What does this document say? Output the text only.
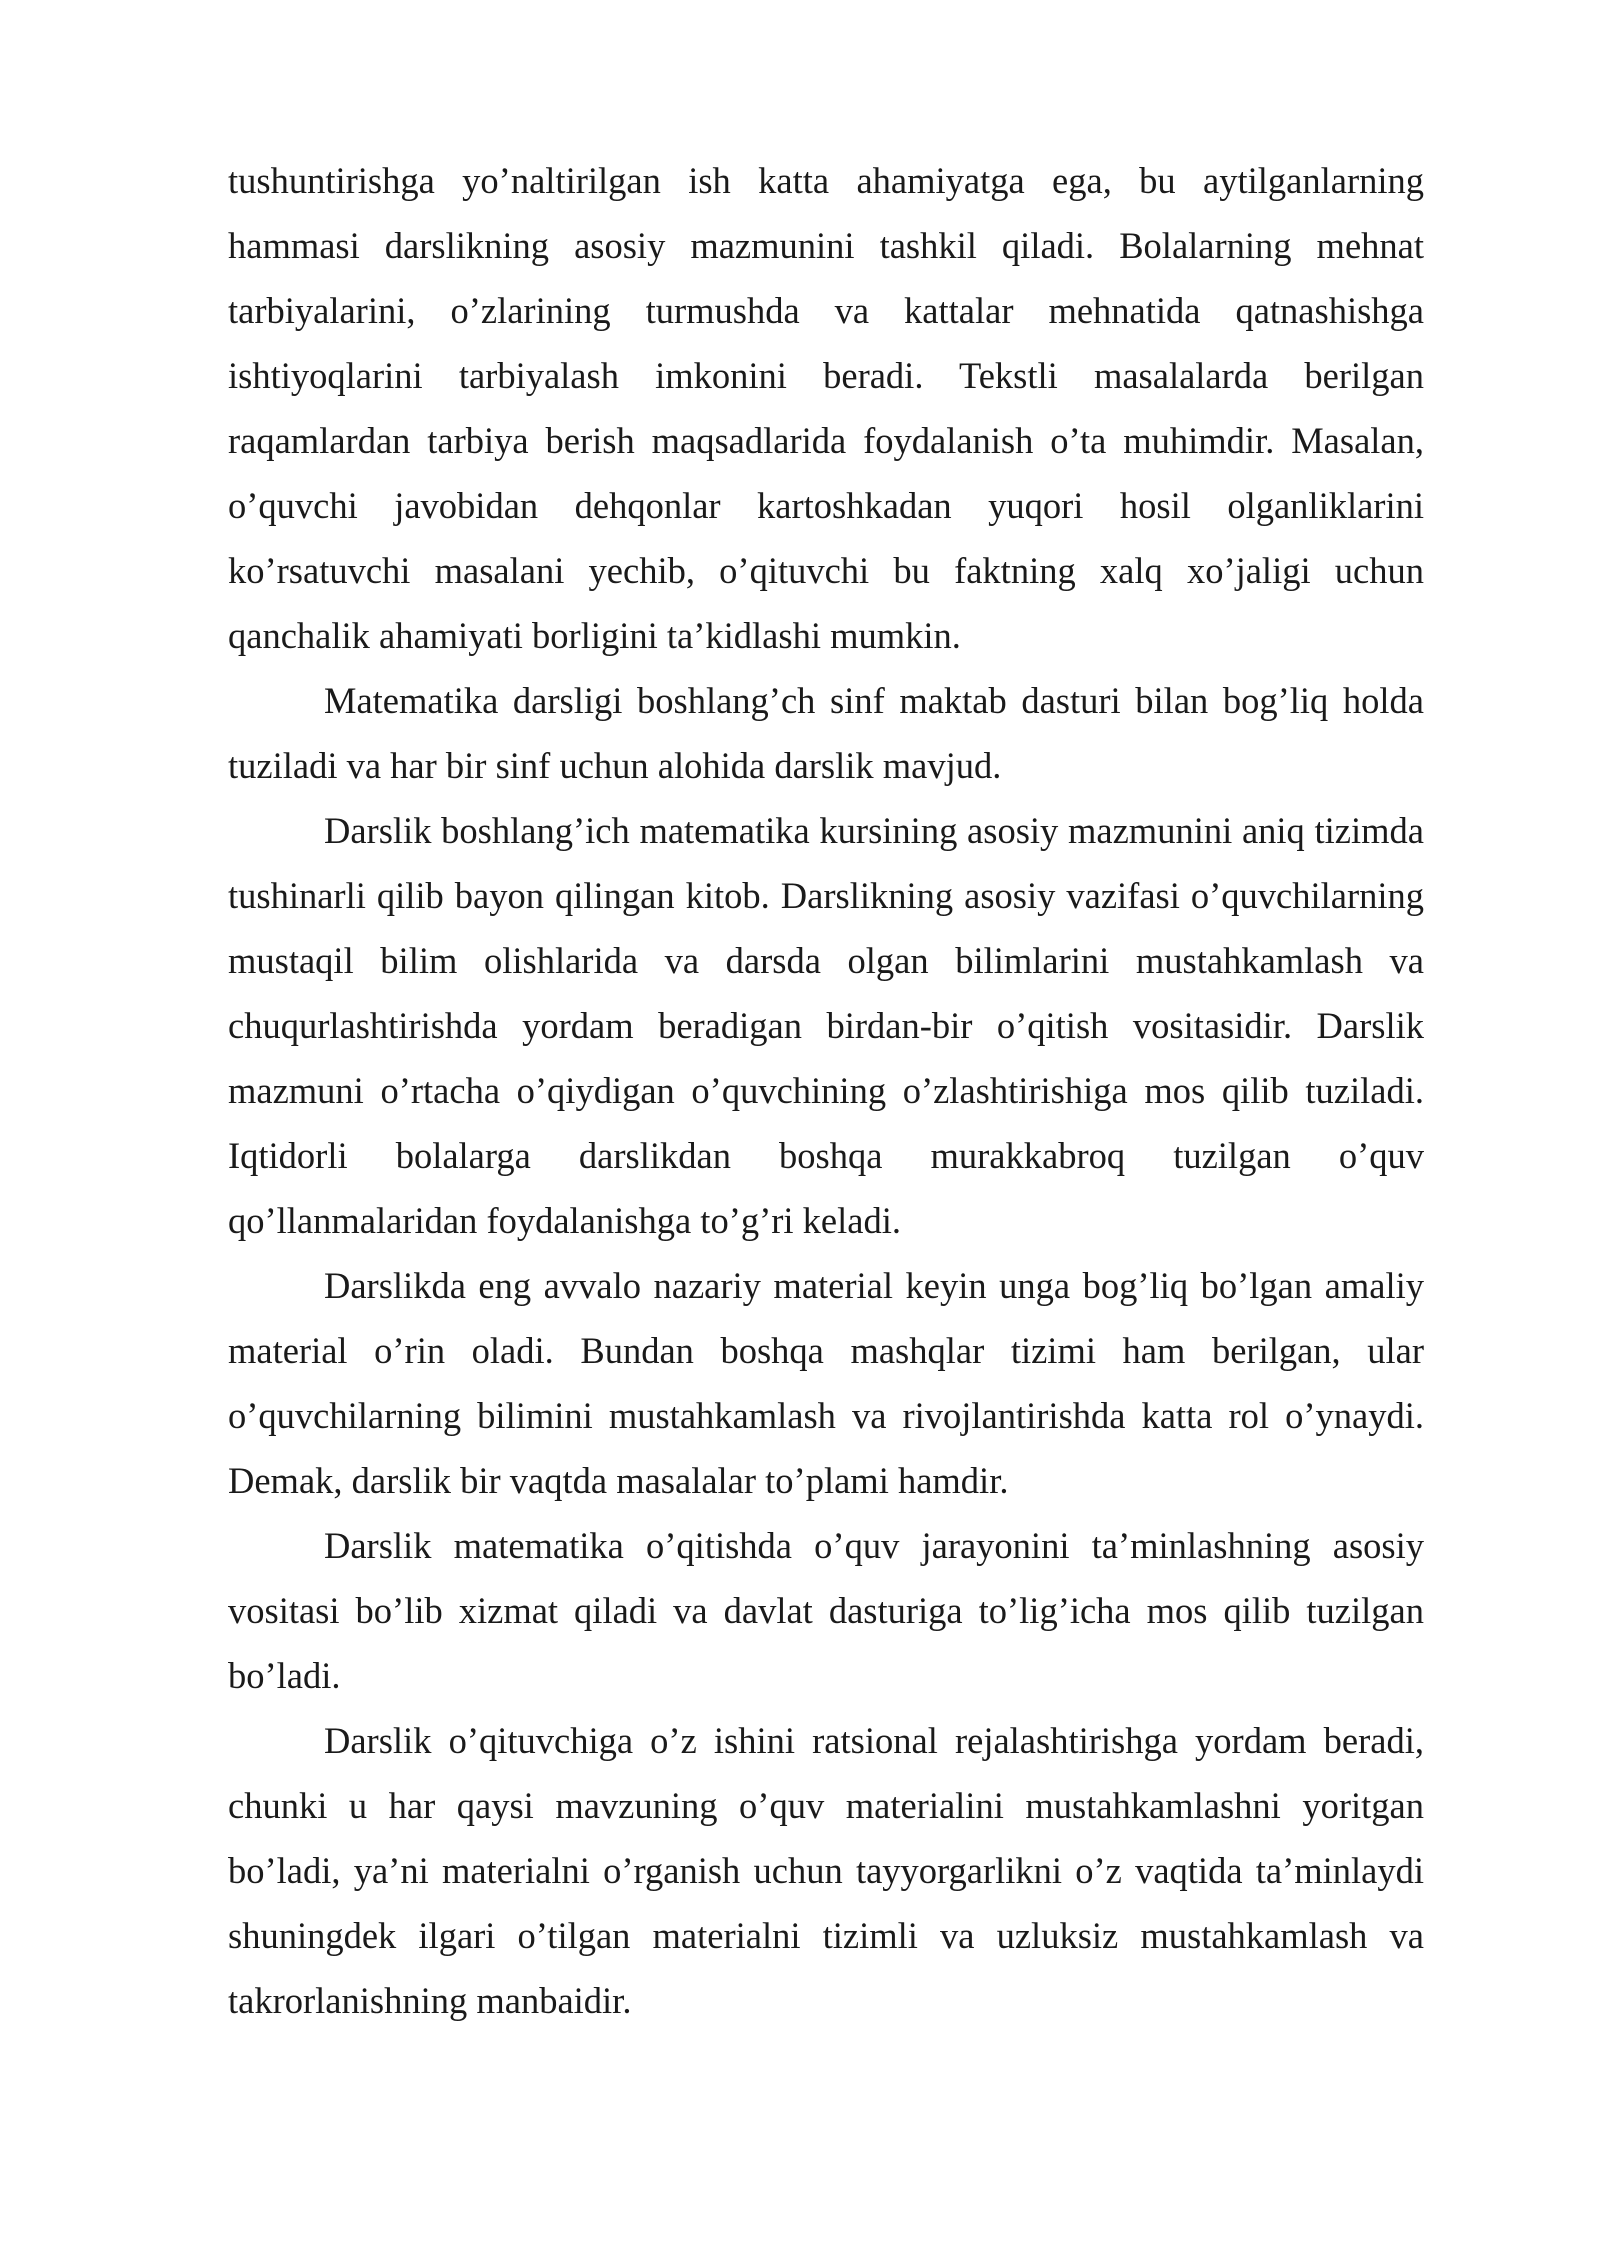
tushuntirishga yo’naltirilgan ish katta ahamiyatga ega, bu aytilganlarning hammasi darslikning asosiy mazmunini tashkil qiladi. Bolalarning mehnat tarbiyalarini, o’zlarining turmushda va kattalar mehnatida qatnashishga ishtiyoqlarini tarbiyalash imkonini beradi. Tekstli masalalarda berilgan raqamlardan tarbiya berish maqsadlarida foydalanish o’ta muhimdir. Masalan, o’quvchi javobidan dehqonlar kartoshkadan yuqori hosil olganliklarini ko’rsatuvchi masalani yechib, o’qituvchi bu faktning xalq xo’jaligi uchun qanchalik ahamiyati borligini ta’kidlashi mumkin.

Matematika darsligi boshlang’ch sinf maktab dasturi bilan bog’liq holda tuziladi va har bir sinf uchun alohida darslik mavjud.

Darslik boshlang’ich matematika kursining asosiy mazmunini aniq tizimda tushinarli qilib bayon qilingan kitob. Darslikning asosiy vazifasi o’quvchilarning mustaqil bilim olishlarida va darsda olgan bilimlarini mustahkamlash va chuqurlashtirishda yordam beradigan birdan-bir o’qitish vositasidir. Darslik mazmuni o’rtacha o’qiydigan o’quvchining o’zlashtirishiga mos qilib tuziladi. Iqtidorli bolalarga darslikdan boshqa murakkabroq tuzilgan o’quv qo’llanmalaridan foydalanishga to’g’ri keladi.

Darslikda eng avvalo nazariy material keyin unga bog’liq bo’lgan amaliy material o’rin oladi. Bundan boshqa mashqlar tizimi ham berilgan, ular o’quvchilarning bilimini mustahkamlash va rivojlantirishda katta rol o’ynaydi. Demak, darslik bir vaqtda masalalar to’plami hamdir.

Darslik matematika o’qitishda o’quv jarayonini ta’minlashning asosiy vositasi bo’lib xizmat qiladi va davlat dasturiga to’lig’icha mos qilib tuzilgan bo’ladi.

Darslik o’qituvchiga o’z ishini ratsional rejalashtirishga yordam beradi, chunki u har qaysi mavzuning o’quv materialini mustahkamlashni yoritgan bo’ladi, ya’ni materialni o’rganish uchun tayyorgarlikni o’z vaqtida ta’minlaydi shuningdek ilgari o’tilgan materialni tizimli va uzluksiz mustahkamlash va takrorlanishning manbaidir.
